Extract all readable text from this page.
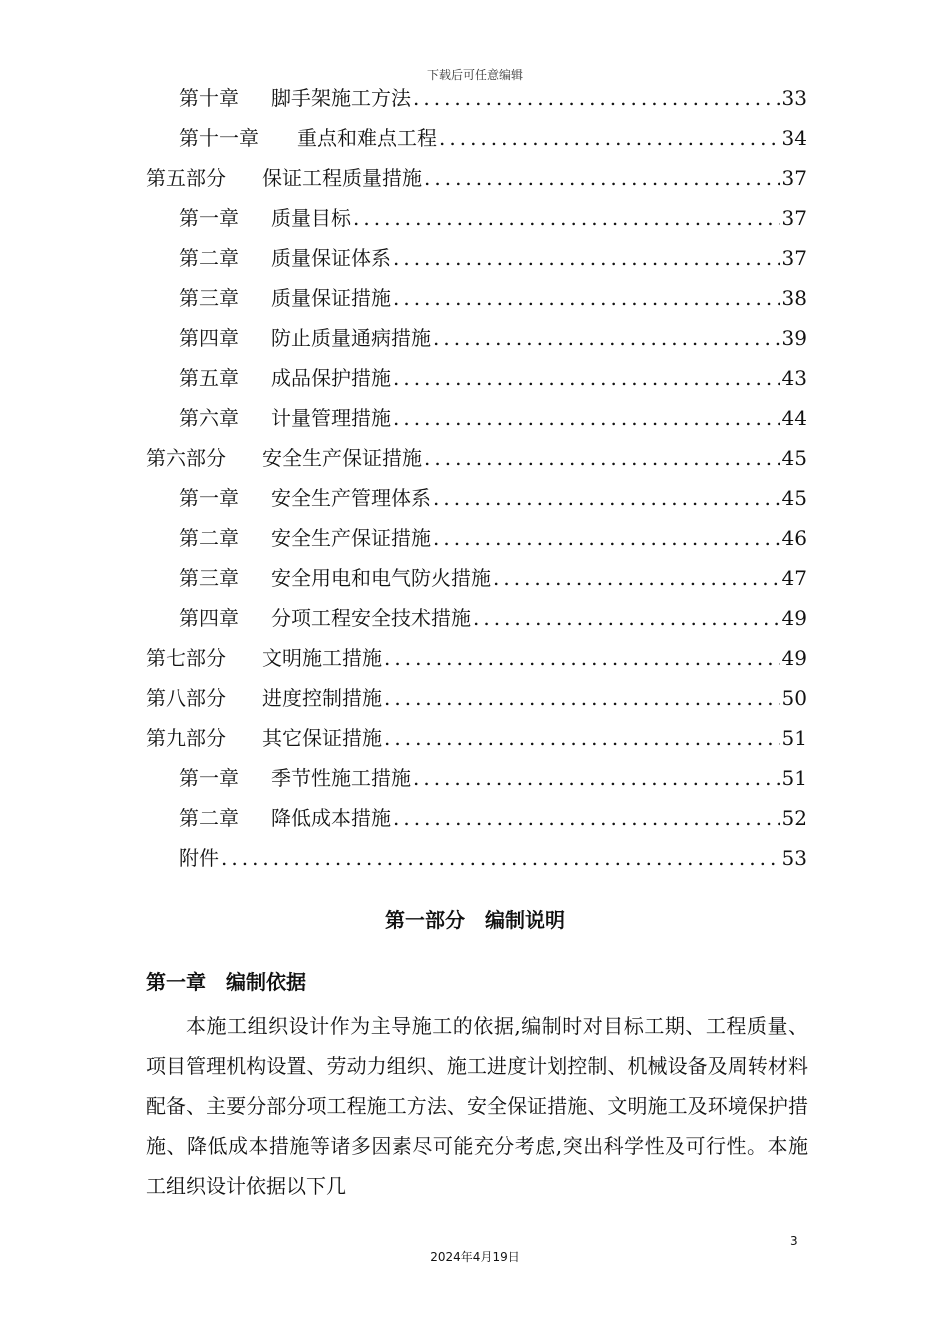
下载后可任意编辑
第十章	脚手架施工方法 .....	33
第十一章	重点和难点工程 .....	34
第五部分	保证工程质量措施 .....	37
第一章	质量目标 .....	37
第二章	质量保证体系 .....	37
第三章	质量保证措施 .....	38
第四章	防止质量通病措施 .....	39
第五章	成品保护措施 .....	43
第六章	计量管理措施 .....	44
第六部分	安全生产保证措施 .....	45
第一章	安全生产管理体系 .....	45
第二章	安全生产保证措施 .....	46
第三章	安全用电和电气防火措施 .....	47
第四章	分项工程安全技术措施 .....	49
第七部分	文明施工措施 .....	49
第八部分	进度控制措施 .....	50
第九部分	其它保证措施 .....	51
第一章	季节性施工措施 .....	51
第二章	降低成本措施 .....	52
附件 .....	53
第一部分 编制说明
第一章 编制依据
本施工组织设计作为主导施工的依据,编制时对目标工期、工程质量、项目管理机构设置、劳动力组织、施工进度计划控制、机械设备及周转材料配备、主要分部分项工程施工方法、安全保证措施、文明施工及环境保护措施、降低成本措施等诸多因素尽可能充分考虑,突出科学性及可行性。本施工组织设计依据以下几
3
2024年4月19日
